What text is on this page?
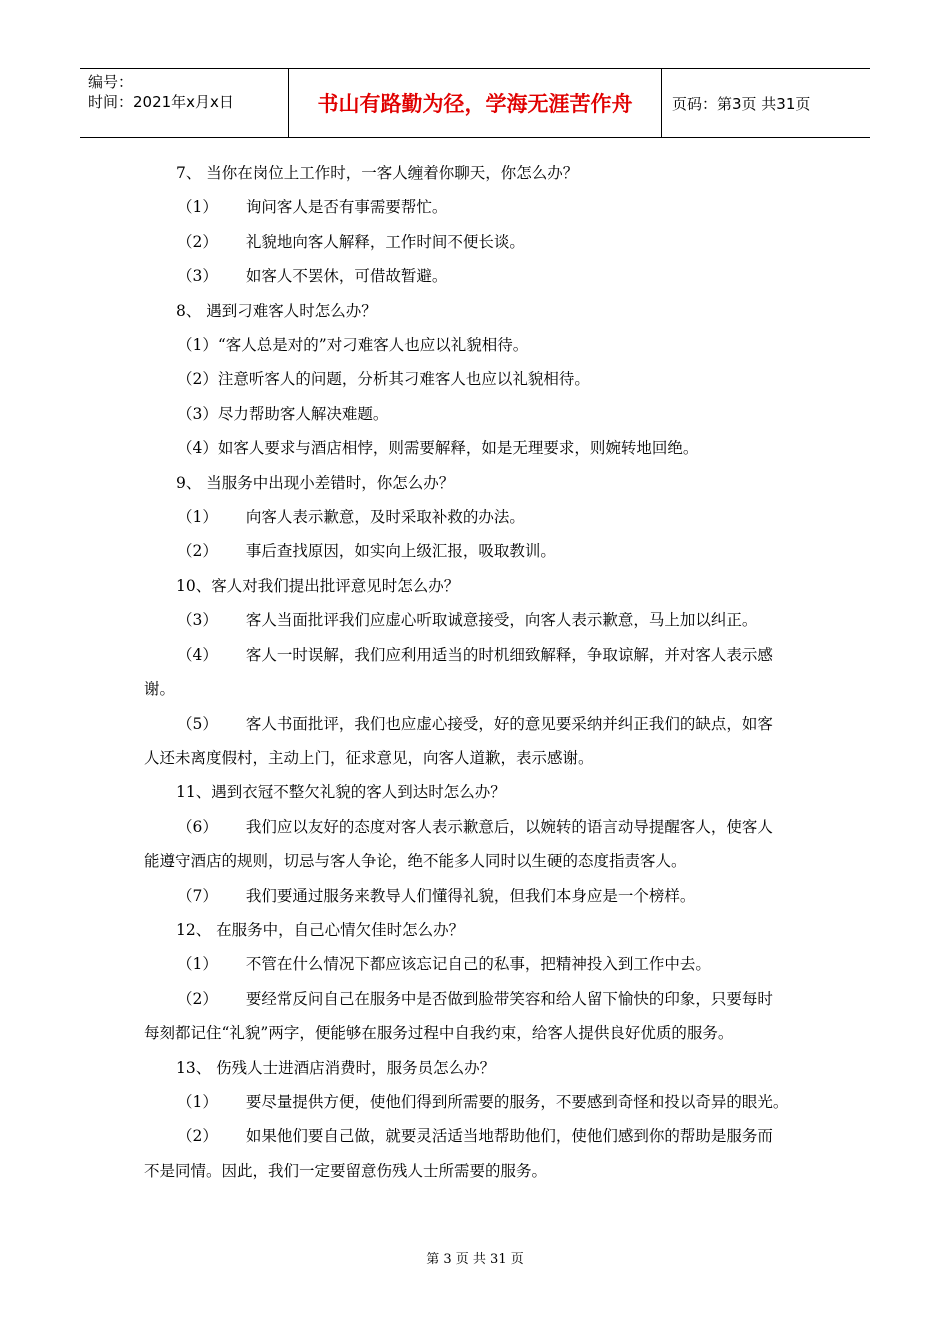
编号：
时间：2021年x月x日	书山有路勤为径，学海无涯苦作舟	页码：第3页 共31页
7、 当你在岗位上工作时，一客人缠着你聊天，你怎么办？
（1） 询问客人是否有事需要帮忙。
（2） 礼貌地向客人解释，工作时间不便长谈。
（3） 如客人不罢休，可借故暂避。
8、 遇到刁难客人时怎么办？
（1）“客人总是对的”对刁难客人也应以礼貌相待。
（2）注意听客人的问题，分析其刁难客人也应以礼貌相待。
（3）尽力帮助客人解决难题。
（4）如客人要求与酒店相悖，则需要解释，如是无理要求，则婉转地回绝。
9、 当服务中出现小差错时，你怎么办？
（1） 向客人表示歉意，及时采取补救的办法。
（2） 事后查找原因，如实向上级汇报，吸取教训。
10、客人对我们提出批评意见时怎么办？
（3） 客人当面批评我们应虚心听取诚意接受，向客人表示歉意，马上加以纠正。
（4） 客人一时误解，我们应利用适当的时机细致解释，争取谅解，并对客人表示感
谢。
（5） 客人书面批评，我们也应虚心接受，好的意见要采纳并纠正我们的缺点，如客
人还未离度假村，主动上门，征求意见，向客人道歉，表示感谢。
11、遇到衣冠不整欠礼貌的客人到达时怎么办？
（6） 我们应以友好的态度对客人表示歉意后，以婉转的语言动导提醒客人，使客人
能遵守酒店的规则，切忌与客人争论，绝不能多人同时以生硬的态度指责客人。
（7） 我们要通过服务来教导人们懂得礼貌，但我们本身应是一个榜样。
12、 在服务中，自己心情欠佳时怎么办？
（1） 不管在什么情况下都应该忘记自己的私事，把精神投入到工作中去。
（2） 要经常反问自己在服务中是否做到脸带笑容和给人留下愉快的印象，只要每时
每刻都记住“礼貌”两字，便能够在服务过程中自我约束，给客人提供良好优质的服务。
13、 伤残人士进酒店消费时，服务员怎么办？
（1） 要尽量提供方便，使他们得到所需要的服务，不要感到奇怪和投以奇异的眼光。
（2） 如果他们要自己做，就要灵活适当地帮助他们，使他们感到你的帮助是服务而
不是同情。因此，我们一定要留意伤残人士所需要的服务。
第 3 页 共 31 页
